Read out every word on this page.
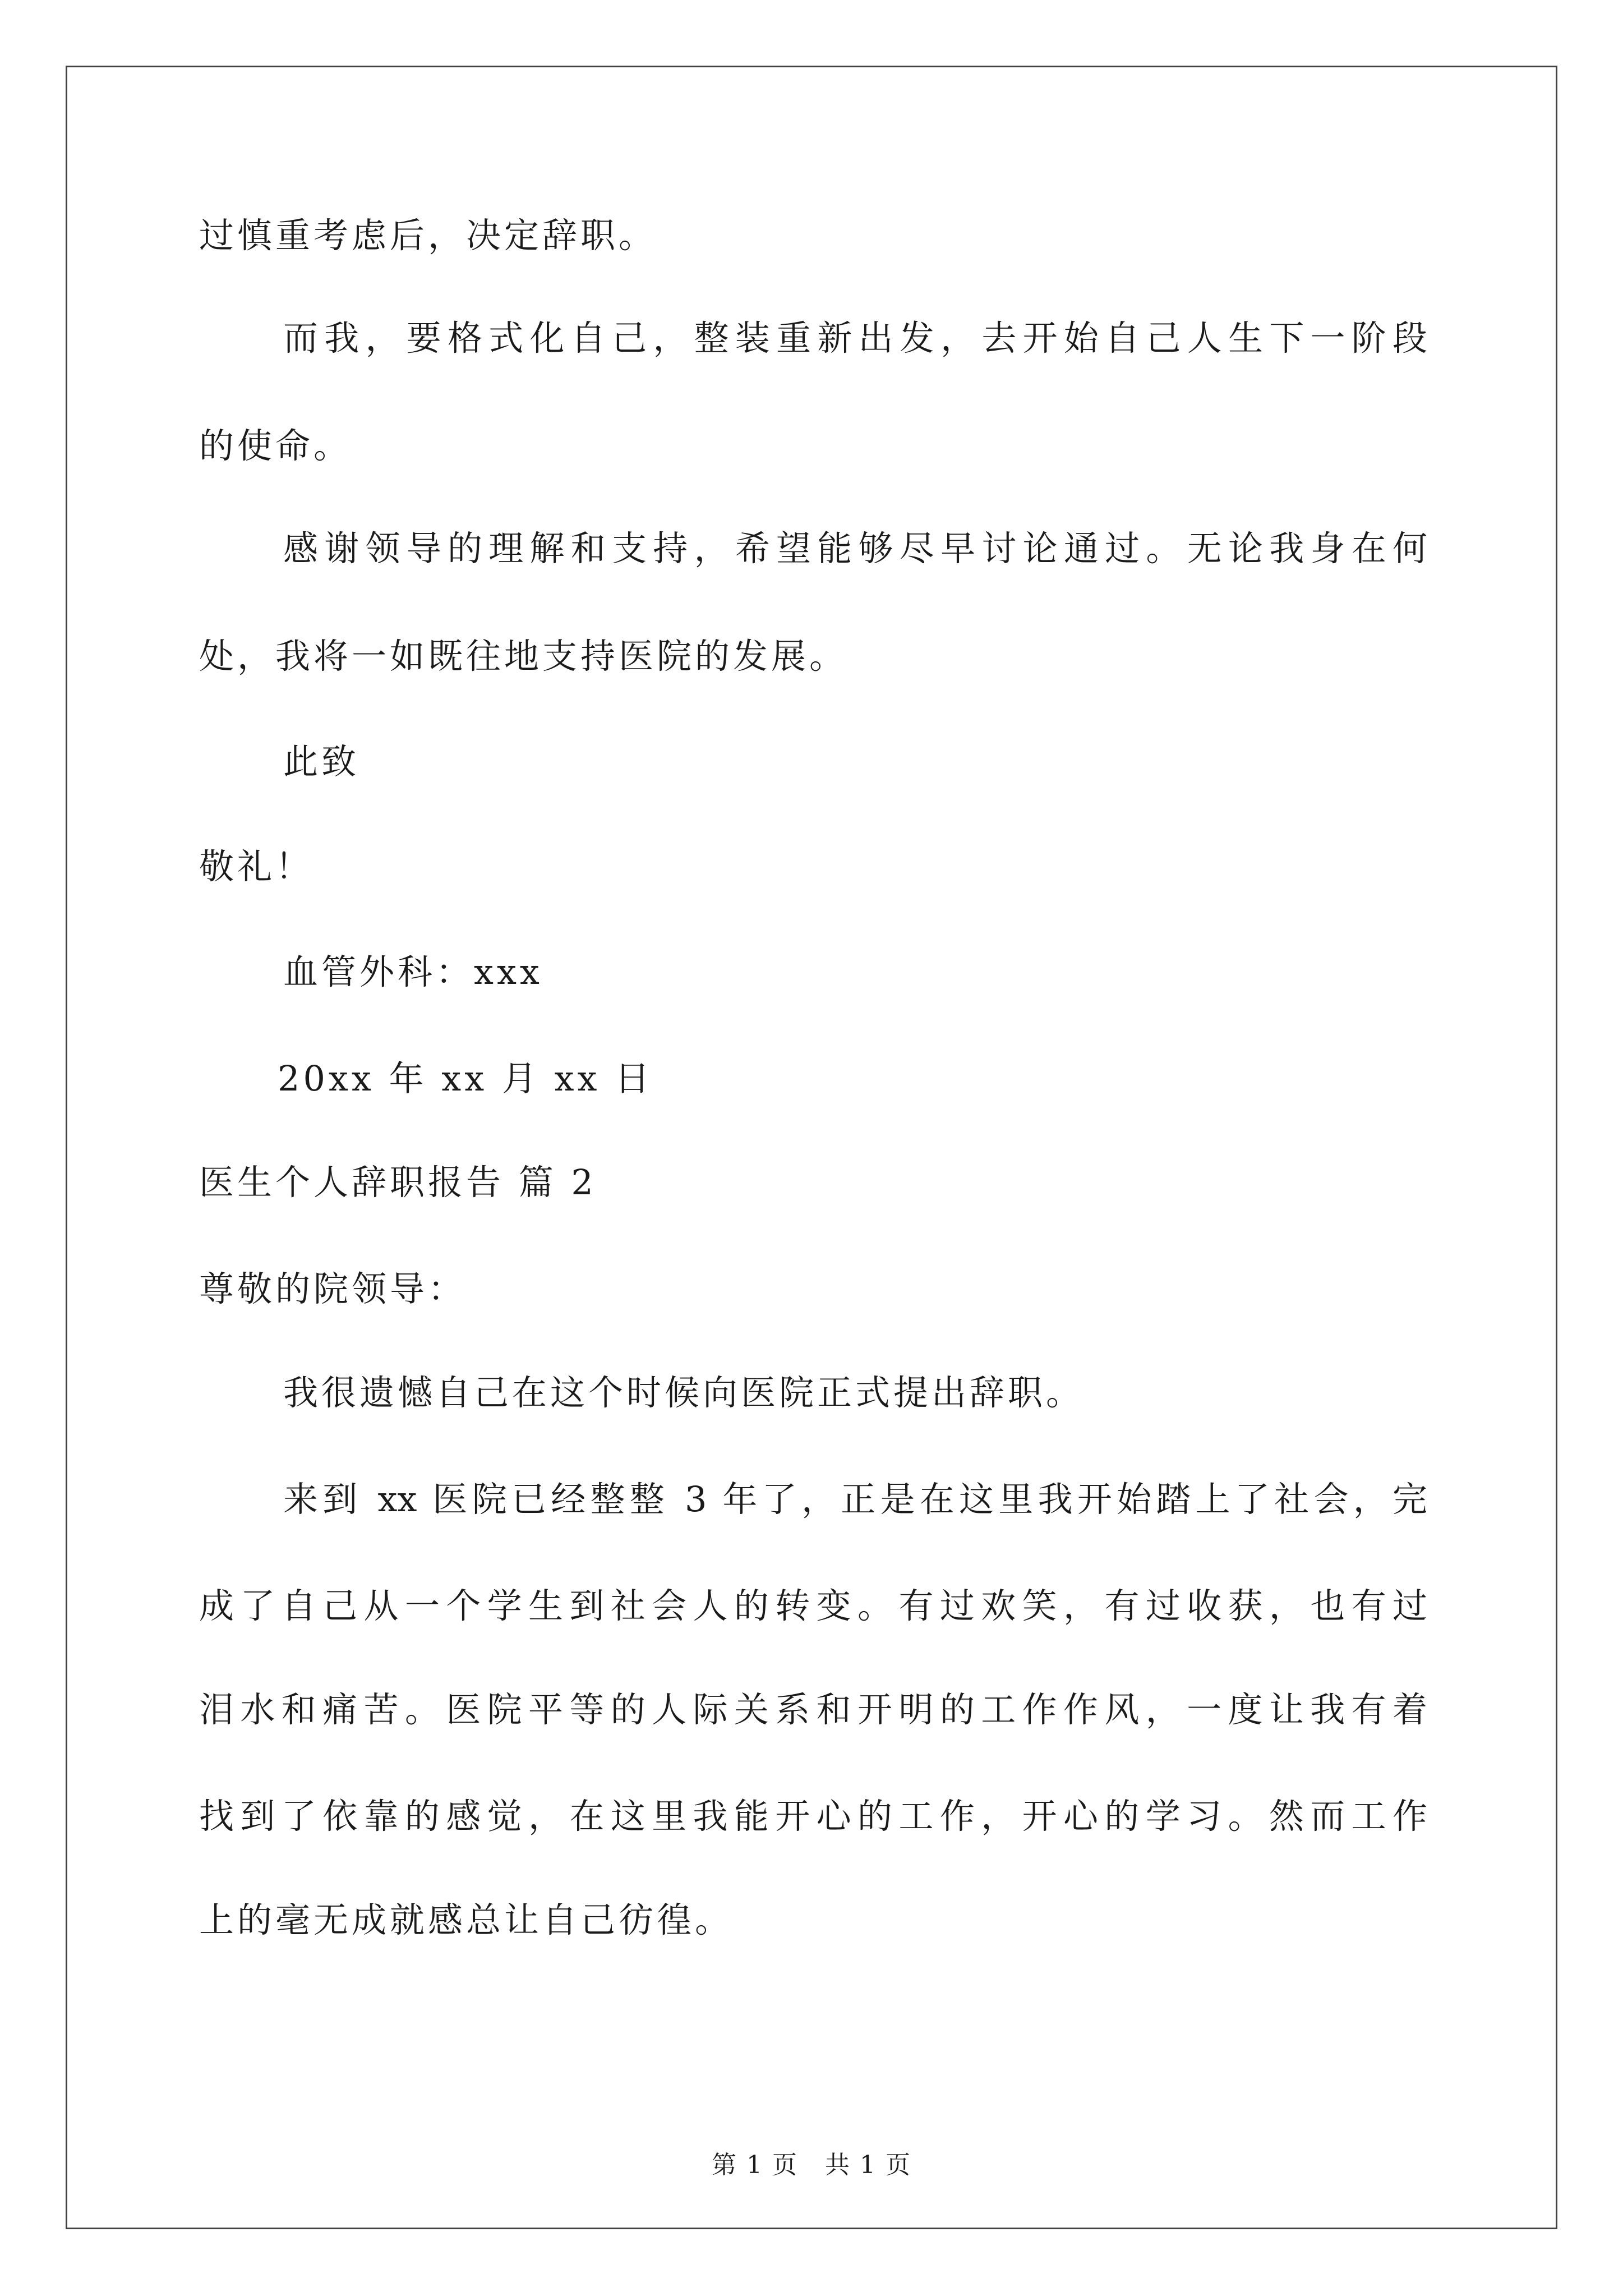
过慎重考虑后，决定辞职。
而我，要格式化自己，整装重新出发，去开始自己人生下一阶段
的使命。
感谢领导的理解和支持，希望能够尽早讨论通过。无论我身在何
处，我将一如既往地支持医院的发展。
此致
敬礼！
血管外科：xxx
20xx 年 xx 月 xx 日
医生个人辞职报告 篇 2
尊敬的院领导：
我很遗憾自己在这个时候向医院正式提出辞职。
来到 xx 医院已经整整 3 年了，正是在这里我开始踏上了社会，完
成了自己从一个学生到社会人的转变。有过欢笑，有过收获，也有过
泪水和痛苦。医院平等的人际关系和开明的工作作风，一度让我有着
找到了依靠的感觉，在这里我能开心的工作，开心的学习。然而工作
上的毫无成就感总让自己彷徨。
第 1 页   共 1 页
